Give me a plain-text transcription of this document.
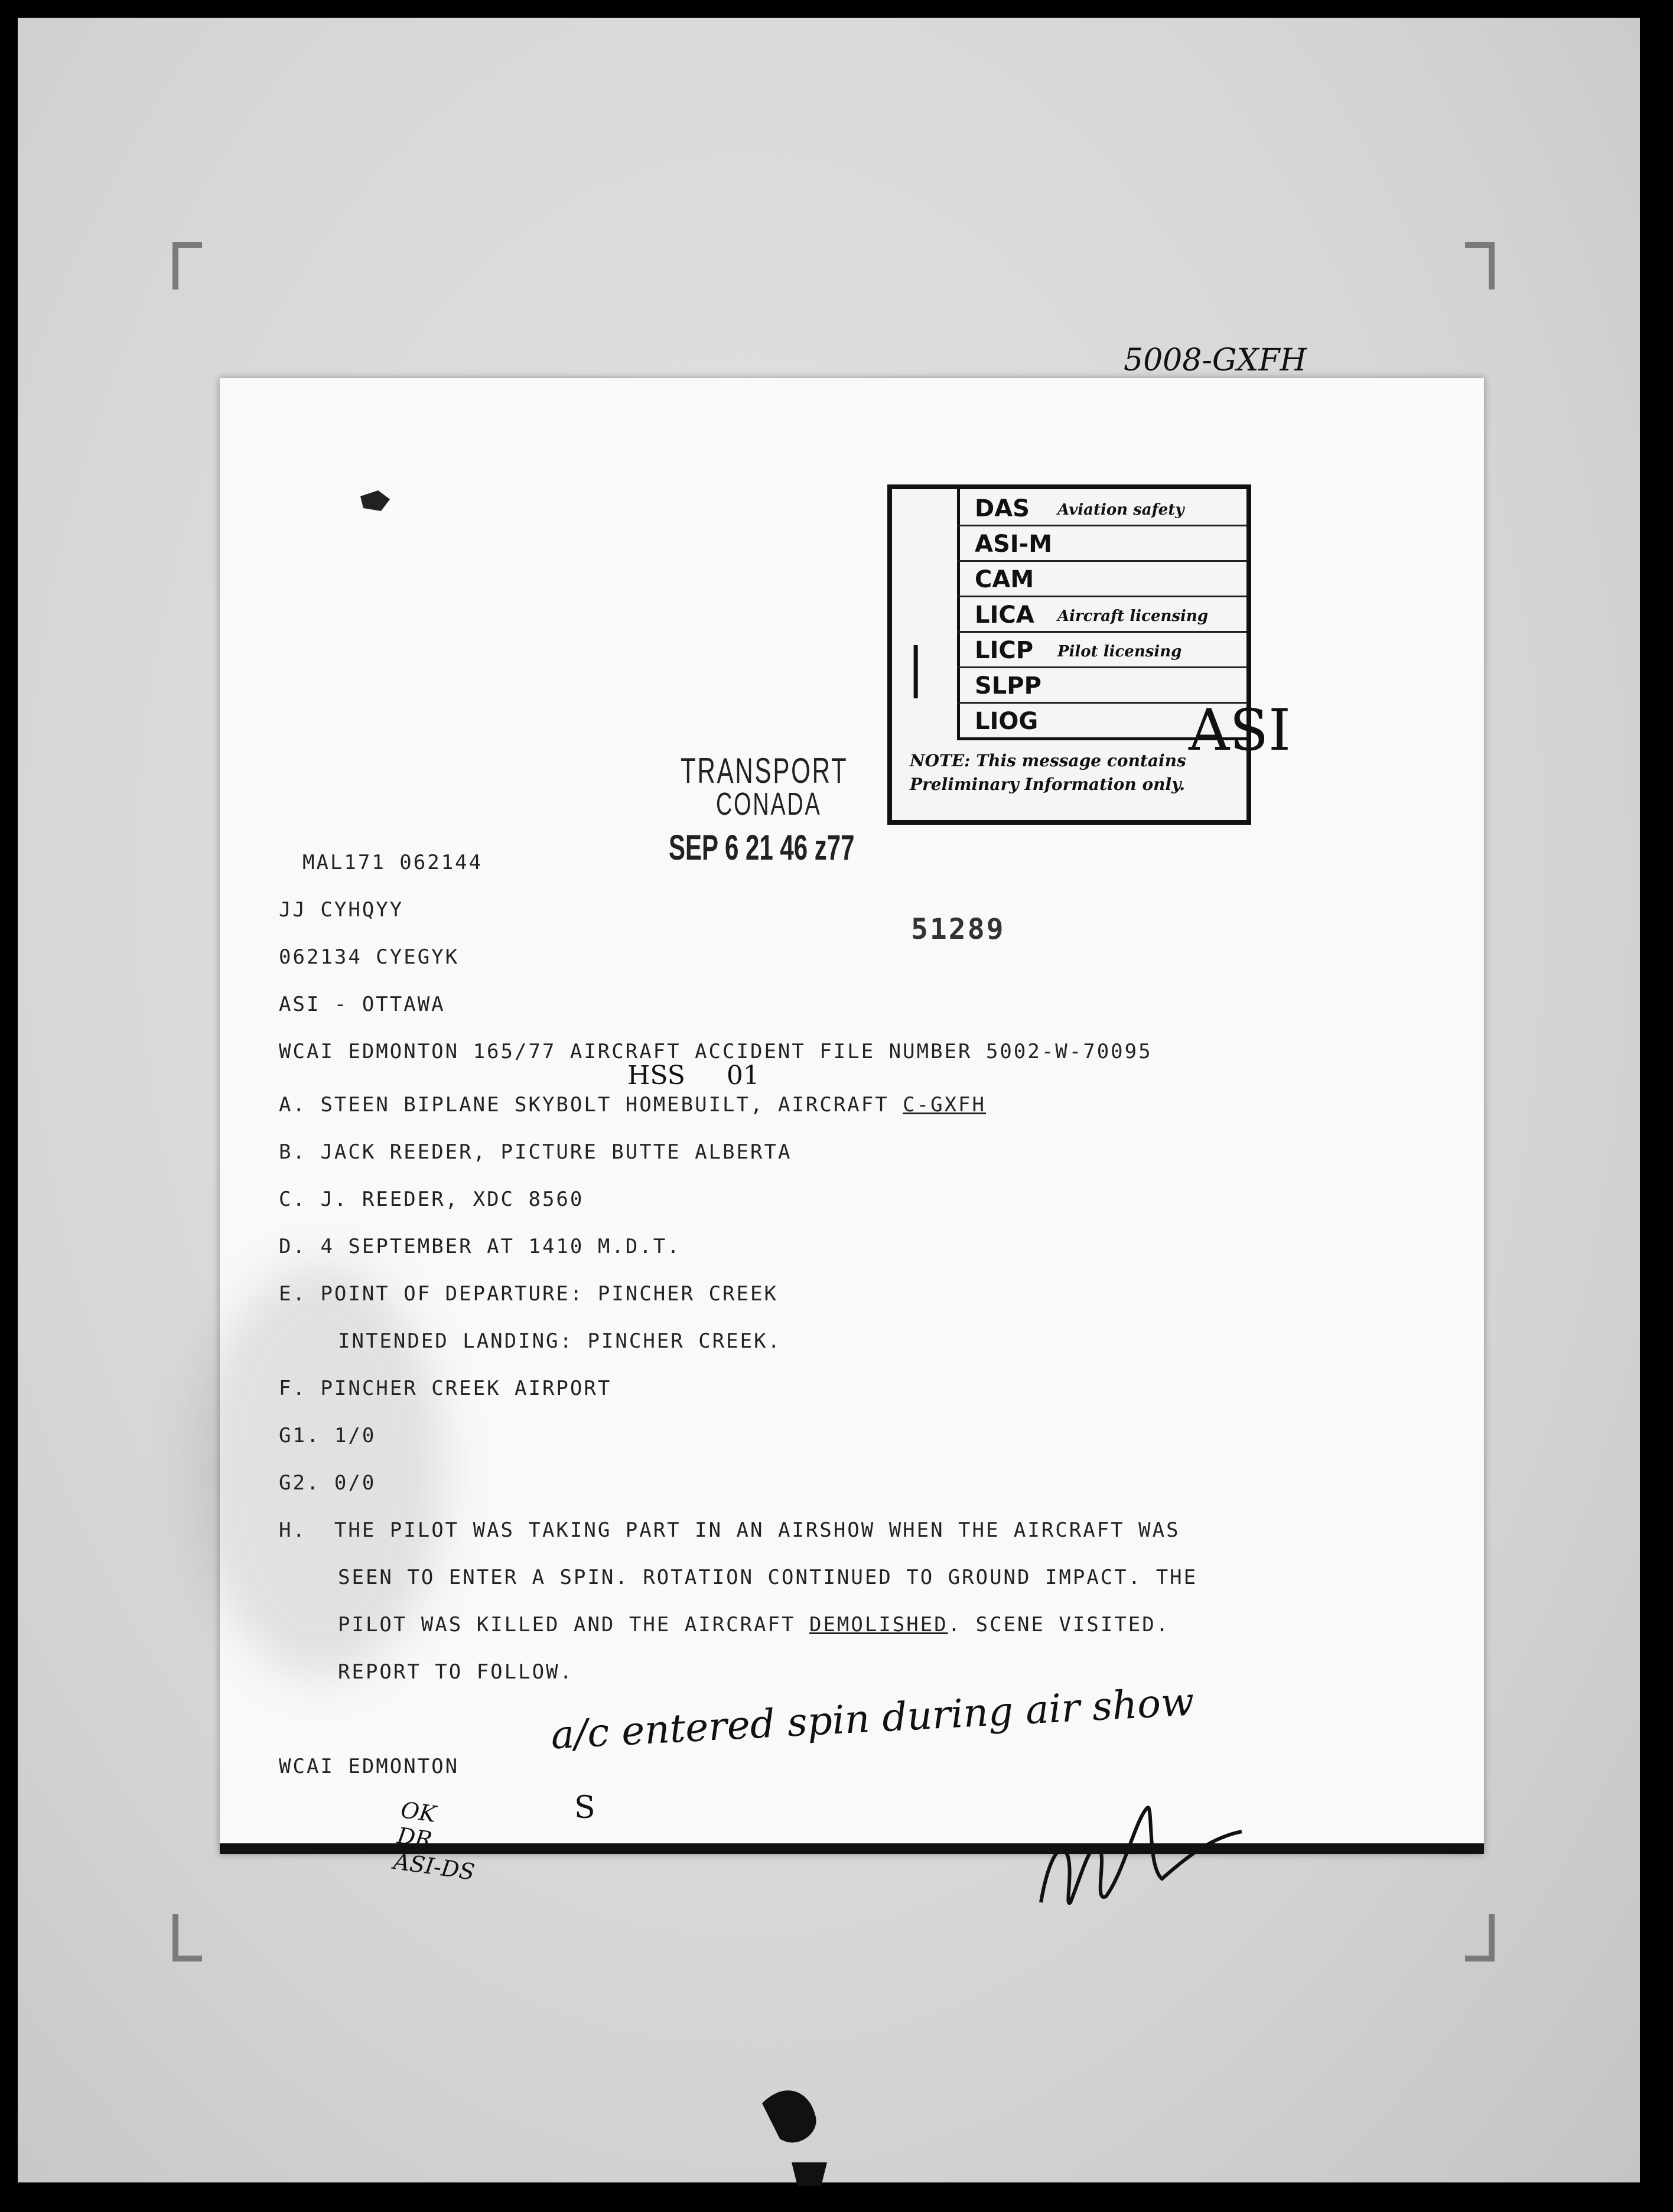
5008-GXFH
|
DAS Aviation safety
ASI-M
CAM
LICA Aircraft licensing
LICP Pilot licensing
SLPP
LIOG
NOTE: This message contains Preliminary Information only.
ASI
TRANSPORT
CONADA
SEP 6 21 46 z77
51289
MAL171 062144
JJ CYHQYY
062134 CYEGYK
ASI - OTTAWA
WCAI EDMONTON 165/77 AIRCRAFT ACCIDENT FILE NUMBER 5002-W-70095
HSS     01
A. STEEN BIPLANE SKYBOLT HOMEBUILT, AIRCRAFT C-GXFH
B. JACK REEDER, PICTURE BUTTE ALBERTA
C. J. REEDER, XDC 8560
D. 4 SEPTEMBER AT 1410 M.D.T.
E. POINT OF DEPARTURE: PINCHER CREEK
INTENDED LANDING: PINCHER CREEK.
F. PINCHER CREEK AIRPORT
G1. 1/0
G2. 0/0
H. THE PILOT WAS TAKING PART IN AN AIRSHOW WHEN THE AIRCRAFT WAS
SEEN TO ENTER A SPIN. ROTATION CONTINUED TO GROUND IMPACT. THE
PILOT WAS KILLED AND THE AIRCRAFT DEMOLISHED. SCENE VISITED.
REPORT TO FOLLOW.
WCAI EDMONTON
a/c entered spin during air show
S
OK
DR
ASI-DS
